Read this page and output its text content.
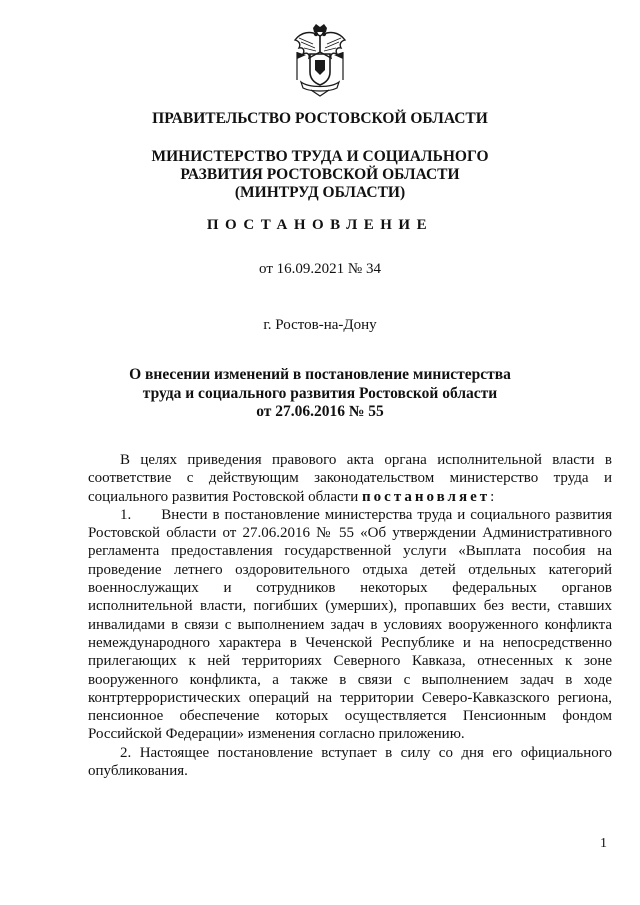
ПРАВИТЕЛЬСТВО РОСТОВСКОЙ ОБЛАСТИ
МИНИСТЕРСТВО ТРУДА И СОЦИАЛЬНОГО
РАЗВИТИЯ РОСТОВСКОЙ ОБЛАСТИ
(МИНТРУД ОБЛАСТИ)
ПОСТАНОВЛЕНИЕ
от 16.09.2021 № 34
г. Ростов-на-Дону
О внесении изменений в постановление министерства
труда и социального развития Ростовской области
от 27.06.2016 № 55

В целях приведения правового акта органа исполнительной власти в соответствие с действующим законодательством министерство труда и социального развития Ростовской области постановляет:

1.  Внести в постановление министерства труда и социального развития Ростовской области от 27.06.2016 № 55 «Об утверждении Административного регламента предоставления государственной услуги «Выплата пособия на проведение летнего оздоровительного отдыха детей отдельных категорий военнослужащих и сотрудников некоторых федеральных органов исполнительной власти, погибших (умерших), пропавших без вести, ставших инвалидами в связи с выполнением задач в условиях вооруженного конфликта немеждународного характера в Чеченской Республике и на непосредственно прилегающих к ней территориях Северного Кавказа, отнесенных к зоне вооруженного конфликта, а также в связи с выполнением задач в ходе контртеррористических операций на территории Северо-Кавказского региона, пенсионное обеспечение которых осуществляется Пенсионным фондом Российской Федерации» изменения согласно приложению.

2. Настоящее постановление вступает в силу со дня его официального опубликования.

1
